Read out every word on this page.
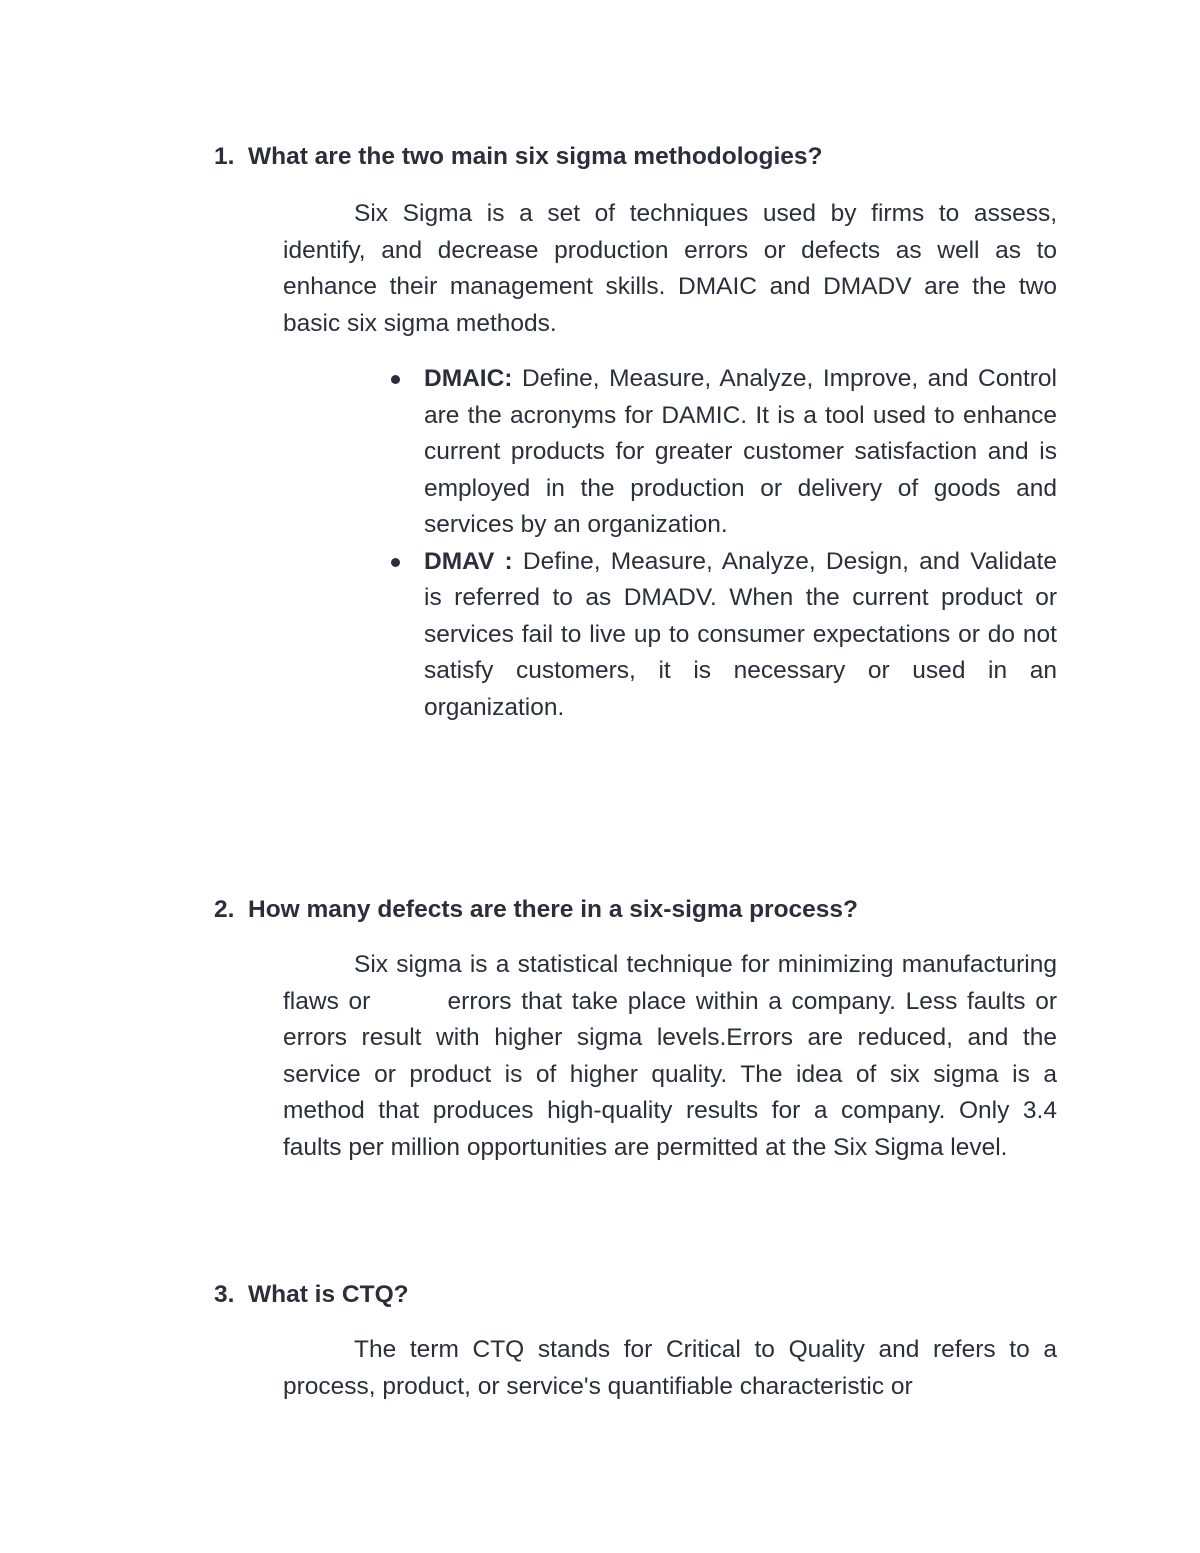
1. What are the two main six sigma methodologies?

Six Sigma is a set of techniques used by firms to assess, identify, and decrease production errors or defects as well as to enhance their management skills. DMAIC and DMADV are the two basic six sigma methods.

DMAIC: Define, Measure, Analyze, Improve, and Control are the acronyms for DAMIC. It is a tool used to enhance current products for greater customer satisfaction and is employed in the production or delivery of goods and services by an organization.
DMAV : Define, Measure, Analyze, Design, and Validate is referred to as DMADV. When the current product or services fail to live up to consumer expectations or do not satisfy customers, it is necessary or used in an organization.
2. How many defects are there in a six-sigma process?

Six sigma is a statistical technique for minimizing manufacturing flaws or        errors that take place within a company. Less faults or errors result with higher sigma levels.Errors are reduced, and the service or product is of higher quality. The idea of six sigma is a method that produces high-quality results for a company. Only 3.4 faults per million opportunities are permitted at the Six Sigma level.

3. What is CTQ?

The term CTQ stands for Critical to Quality and refers to a process, product, or service's quantifiable characteristic or
